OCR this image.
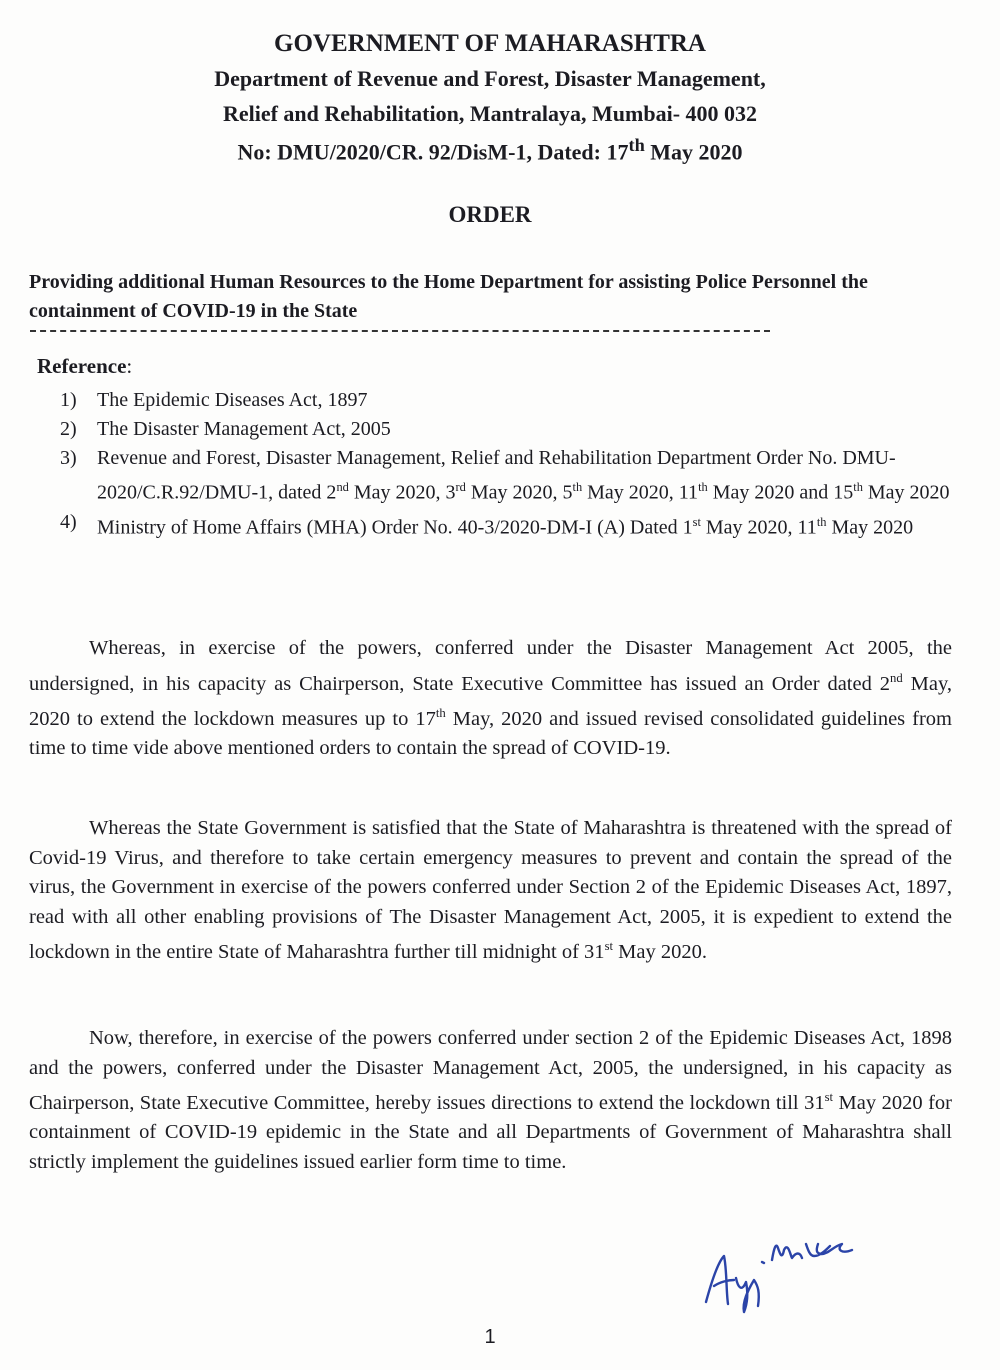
GOVERNMENT OF MAHARASHTRA
Department of Revenue and Forest, Disaster Management,
Relief and Rehabilitation, Mantralaya, Mumbai- 400 032
No: DMU/2020/CR. 92/DisM-1, Dated: 17th May 2020
ORDER
Providing additional Human Resources to the Home Department for assisting Police Personnel the containment of COVID-19 in the State
Reference:
1)	The Epidemic Diseases Act, 1897
2)	The Disaster Management Act, 2005
3)	Revenue and Forest, Disaster Management, Relief and Rehabilitation Department Order No. DMU-2020/C.R.92/DMU-1, dated 2nd May 2020, 3rd May 2020, 5th May 2020, 11th May 2020 and 15th May 2020
4)	Ministry of Home Affairs (MHA) Order No. 40-3/2020-DM-I (A) Dated 1st May 2020, 11th May 2020

Whereas, in exercise of the powers, conferred under the Disaster Management Act 2005, the undersigned, in his capacity as Chairperson, State Executive Committee has issued an Order dated 2nd May, 2020 to extend the lockdown measures up to 17th May, 2020 and issued revised consolidated guidelines from time to time vide above mentioned orders to contain the spread of COVID-19.

Whereas the State Government is satisfied that the State of Maharashtra is threatened with the spread of Covid-19 Virus, and therefore to take certain emergency measures to prevent and contain the spread of the virus, the Government in exercise of the powers conferred under Section 2 of the Epidemic Diseases Act, 1897, read with all other enabling provisions of The Disaster Management Act, 2005, it is expedient to extend the lockdown in the entire State of Maharashtra further till midnight of 31st May 2020.

Now, therefore, in exercise of the powers conferred under section 2 of the Epidemic Diseases Act, 1898 and the powers, conferred under the Disaster Management Act, 2005, the undersigned, in his capacity as Chairperson, State Executive Committee, hereby issues directions to extend the lockdown till 31st May 2020 for containment of COVID-19 epidemic in the State and all Departments of Government of Maharashtra shall strictly implement the guidelines issued earlier form time to time.

1
